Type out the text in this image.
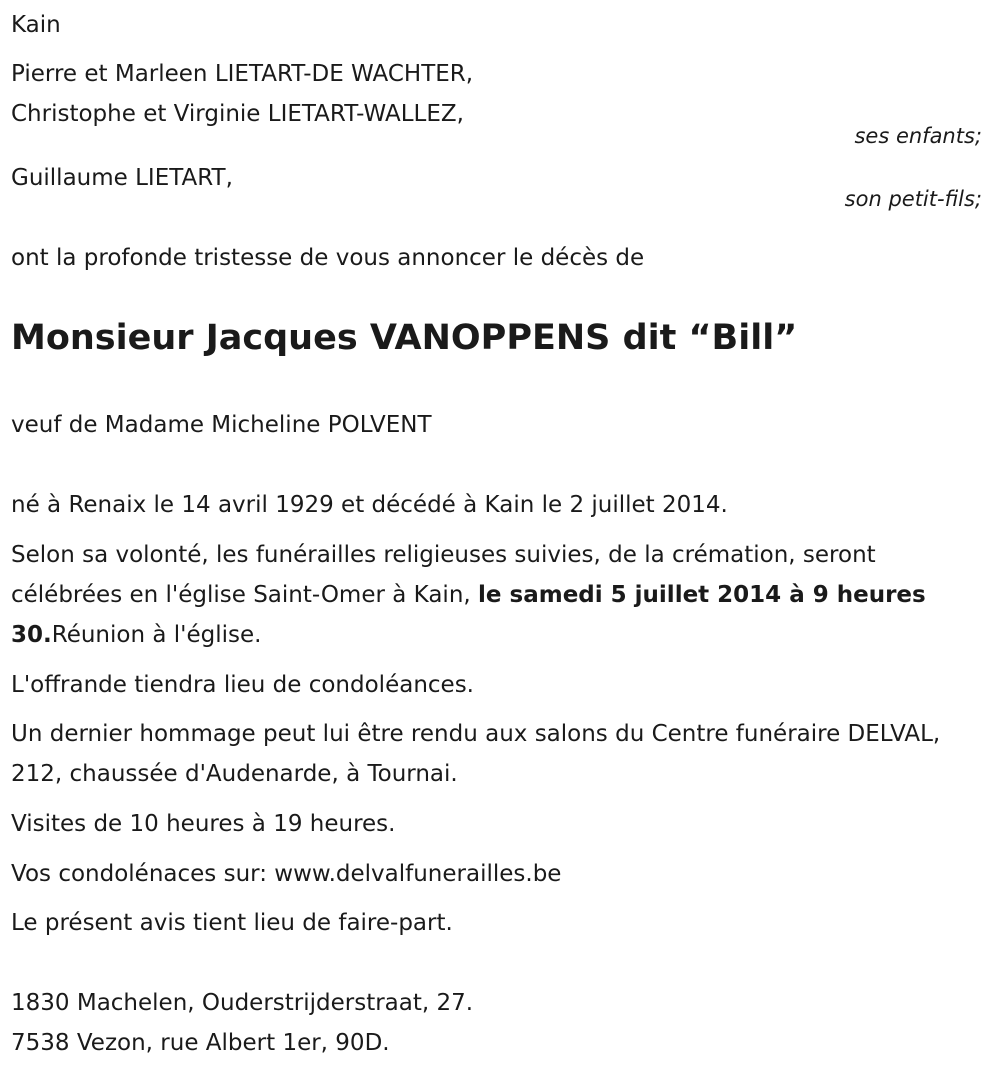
Kain
Pierre et Marleen LIETART-DE WACHTER,
Christophe et Virginie LIETART-WALLEZ,
ses enfants;
Guillaume LIETART,
son petit-fils;
ont la profonde tristesse de vous annoncer le décès de
Monsieur Jacques VANOPPENS dit “Bill”
veuf de Madame Micheline POLVENT
né à Renaix le 14 avril 1929 et décédé à Kain le 2 juillet 2014.
Selon sa volonté, les funérailles religieuses suivies, de la crémation, seront célébrées en l'église Saint-Omer à Kain, le samedi 5 juillet 2014 à 9 heures 30.Réunion à l'église.
L'offrande tiendra lieu de condoléances.
Un dernier hommage peut lui être rendu aux salons du Centre funéraire DELVAL, 212, chaussée d'Audenarde, à Tournai.
Visites de 10 heures à 19 heures.
Vos condolénaces sur: www.delvalfunerailles.be
Le présent avis tient lieu de faire-part.
1830 Machelen, Ouderstrijderstraat, 27.
7538 Vezon, rue Albert 1er, 90D.
